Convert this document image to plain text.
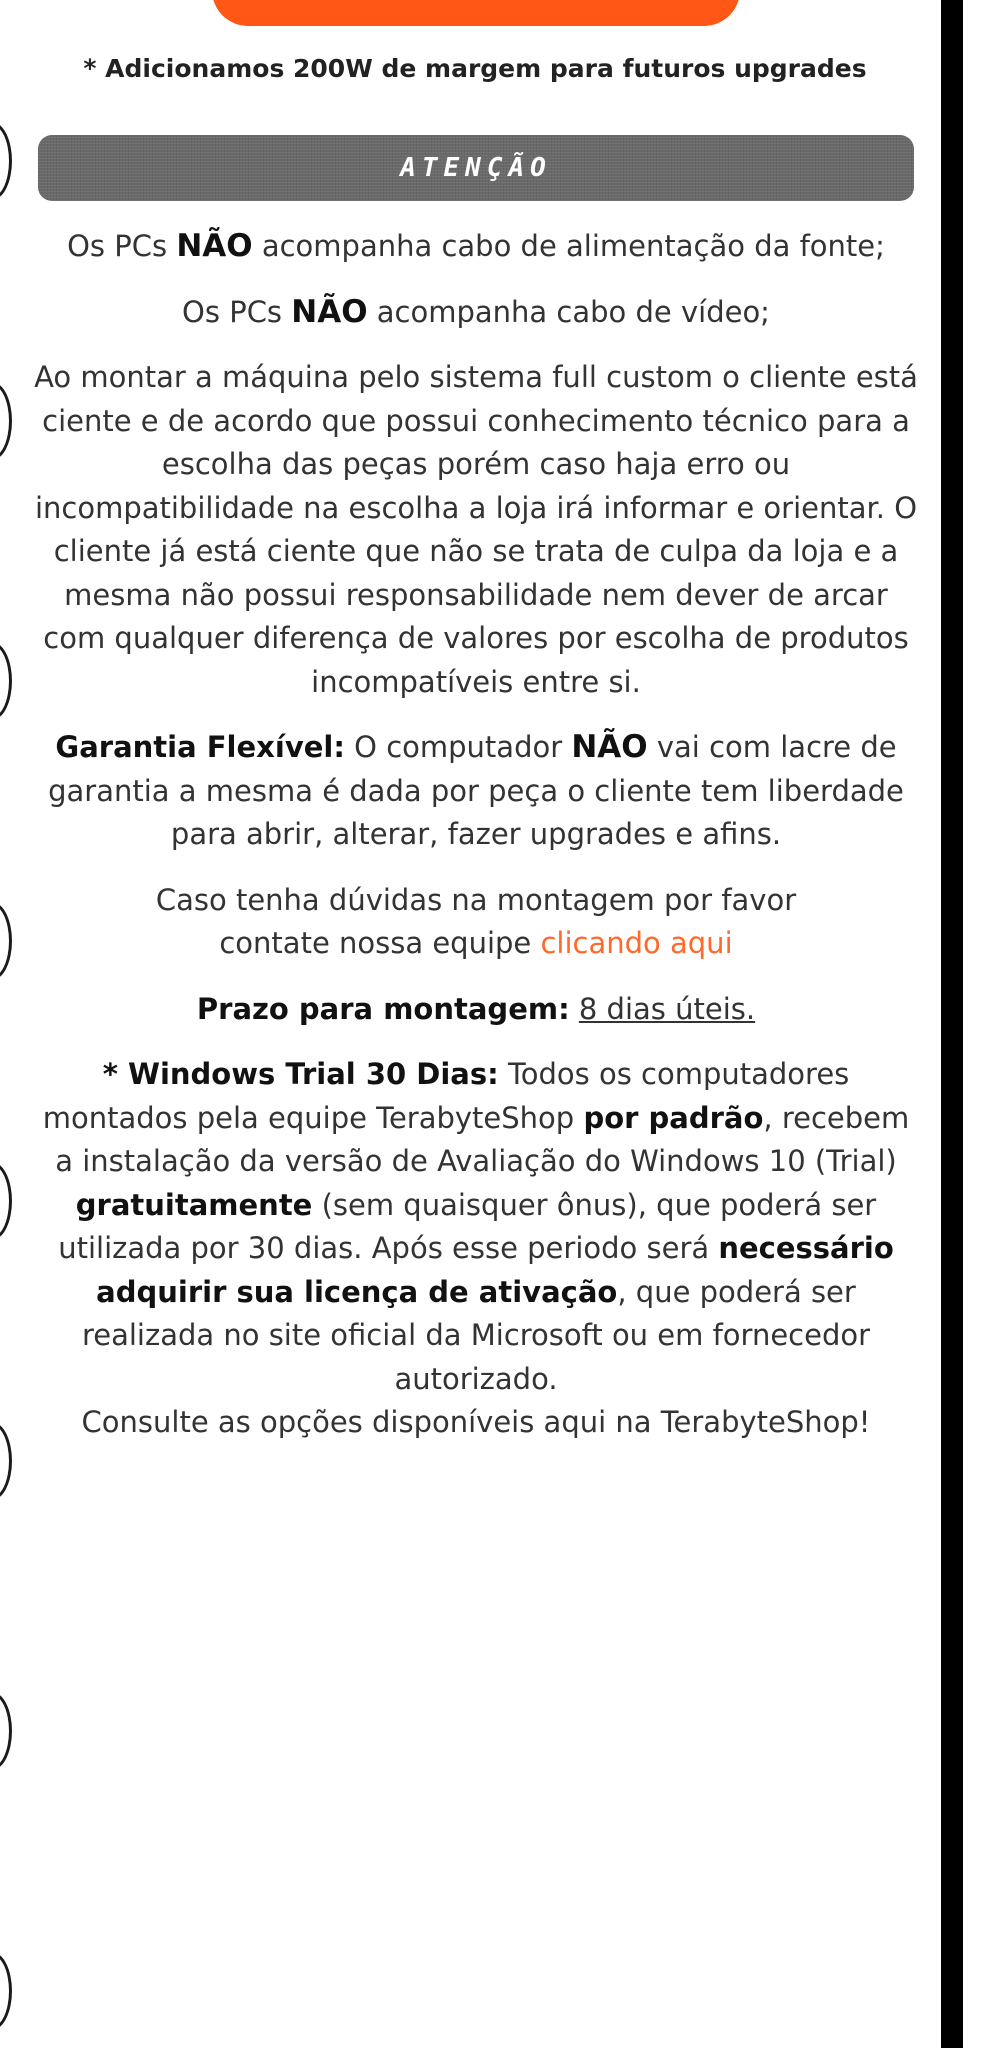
* Adicionamos 200W de margem para futuros upgrades
ATENÇÃO

Os PCs NÃO acompanha cabo de alimentação da fonte;

Os PCs NÃO acompanha cabo de vídeo;

Ao montar a máquina pelo sistema full custom o cliente está ciente e de acordo que possui conhecimento técnico para a escolha das peças porém caso haja erro ou incompatibilidade na escolha a loja irá informar e orientar. O cliente já está ciente que não se trata de culpa da loja e a mesma não possui responsabilidade nem dever de arcar com qualquer diferença de valores por escolha de produtos incompatíveis entre si.

Garantia Flexível: O computador NÃO vai com lacre de garantia a mesma é dada por peça o cliente tem liberdade para abrir, alterar, fazer upgrades e afins.

Caso tenha dúvidas na montagem por favor
contate nossa equipe clicando aqui

Prazo para montagem: 8 dias úteis.

* Windows Trial 30 Dias: Todos os computadores montados pela equipe TerabyteShop por padrão, recebem a instalação da versão de Avaliação do Windows 10 (Trial) gratuitamente (sem quaisquer ônus), que poderá ser utilizada por 30 dias. Após esse periodo será necessário adquirir sua licença de ativação, que poderá ser realizada no site oficial da Microsoft ou em fornecedor autorizado.

Consulte as opções disponíveis aqui na TerabyteShop!
